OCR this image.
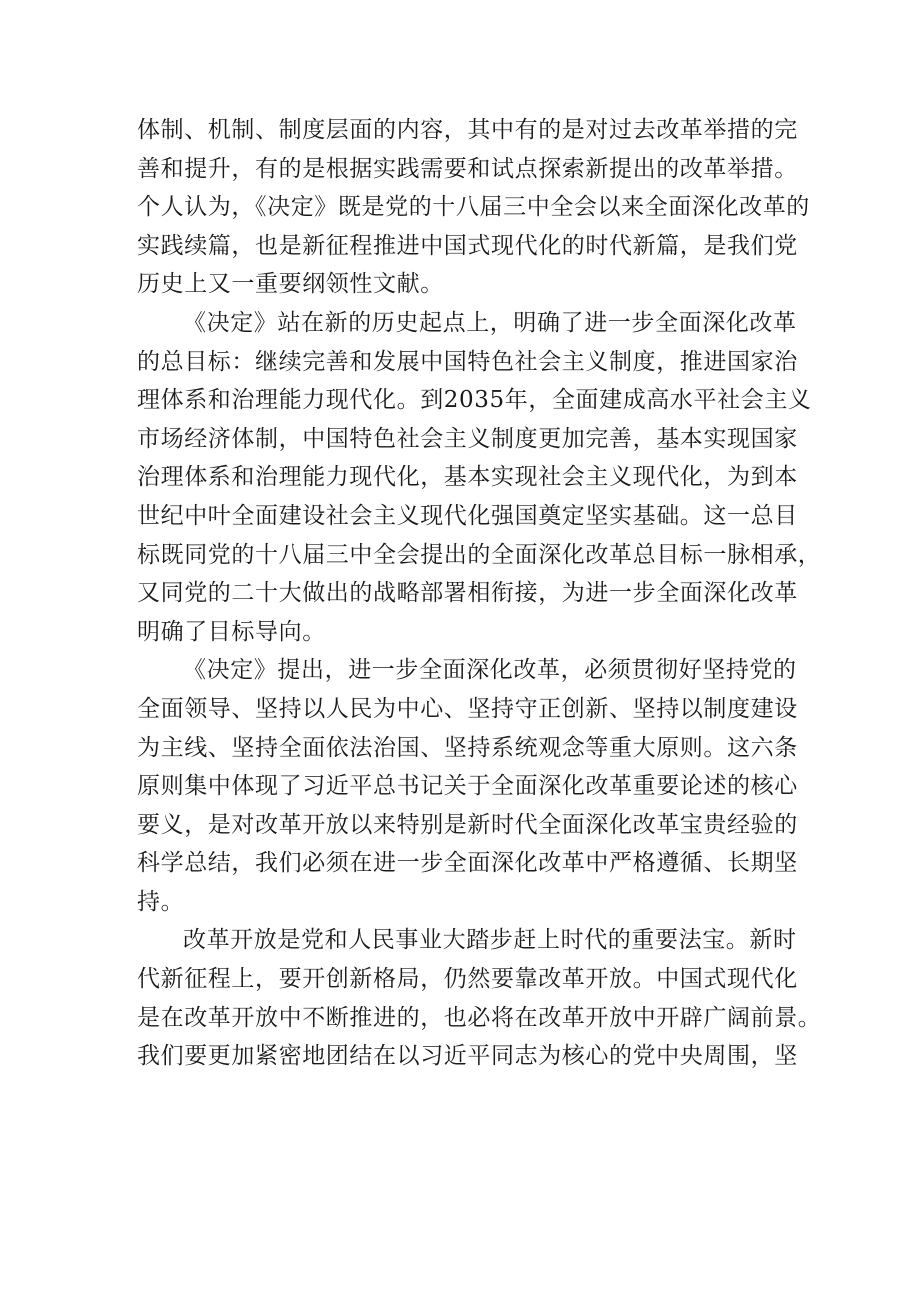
体制、机制、制度层面的内容，其中有的是对过去改革举措的完
善和提升，有的是根据实践需要和试点探索新提出的改革举措。
个人认为，《决定》既是党的十八届三中全会以来全面深化改革的
实践续篇，也是新征程推进中国式现代化的时代新篇，是我们党
历史上又一重要纲领性文献。
《决定》站在新的历史起点上，明确了进一步全面深化改革
的总目标：继续完善和发展中国特色社会主义制度，推进国家治
理体系和治理能力现代化。到2035年，全面建成高水平社会主义
市场经济体制，中国特色社会主义制度更加完善，基本实现国家
治理体系和治理能力现代化，基本实现社会主义现代化，为到本
世纪中叶全面建设社会主义现代化强国奠定坚实基础。这一总目
标既同党的十八届三中全会提出的全面深化改革总目标一脉相承，
又同党的二十大做出的战略部署相衔接，为进一步全面深化改革
明确了目标导向。
《决定》提出，进一步全面深化改革，必须贯彻好坚持党的
全面领导、坚持以人民为中心、坚持守正创新、坚持以制度建设
为主线、坚持全面依法治国、坚持系统观念等重大原则。这六条
原则集中体现了习近平总书记关于全面深化改革重要论述的核心
要义，是对改革开放以来特别是新时代全面深化改革宝贵经验的
科学总结，我们必须在进一步全面深化改革中严格遵循、长期坚
持。
改革开放是党和人民事业大踏步赶上时代的重要法宝。新时
代新征程上，要开创新格局，仍然要靠改革开放。中国式现代化
是在改革开放中不断推进的，也必将在改革开放中开辟广阔前景。
我们要更加紧密地团结在以习近平同志为核心的党中央周围，坚
